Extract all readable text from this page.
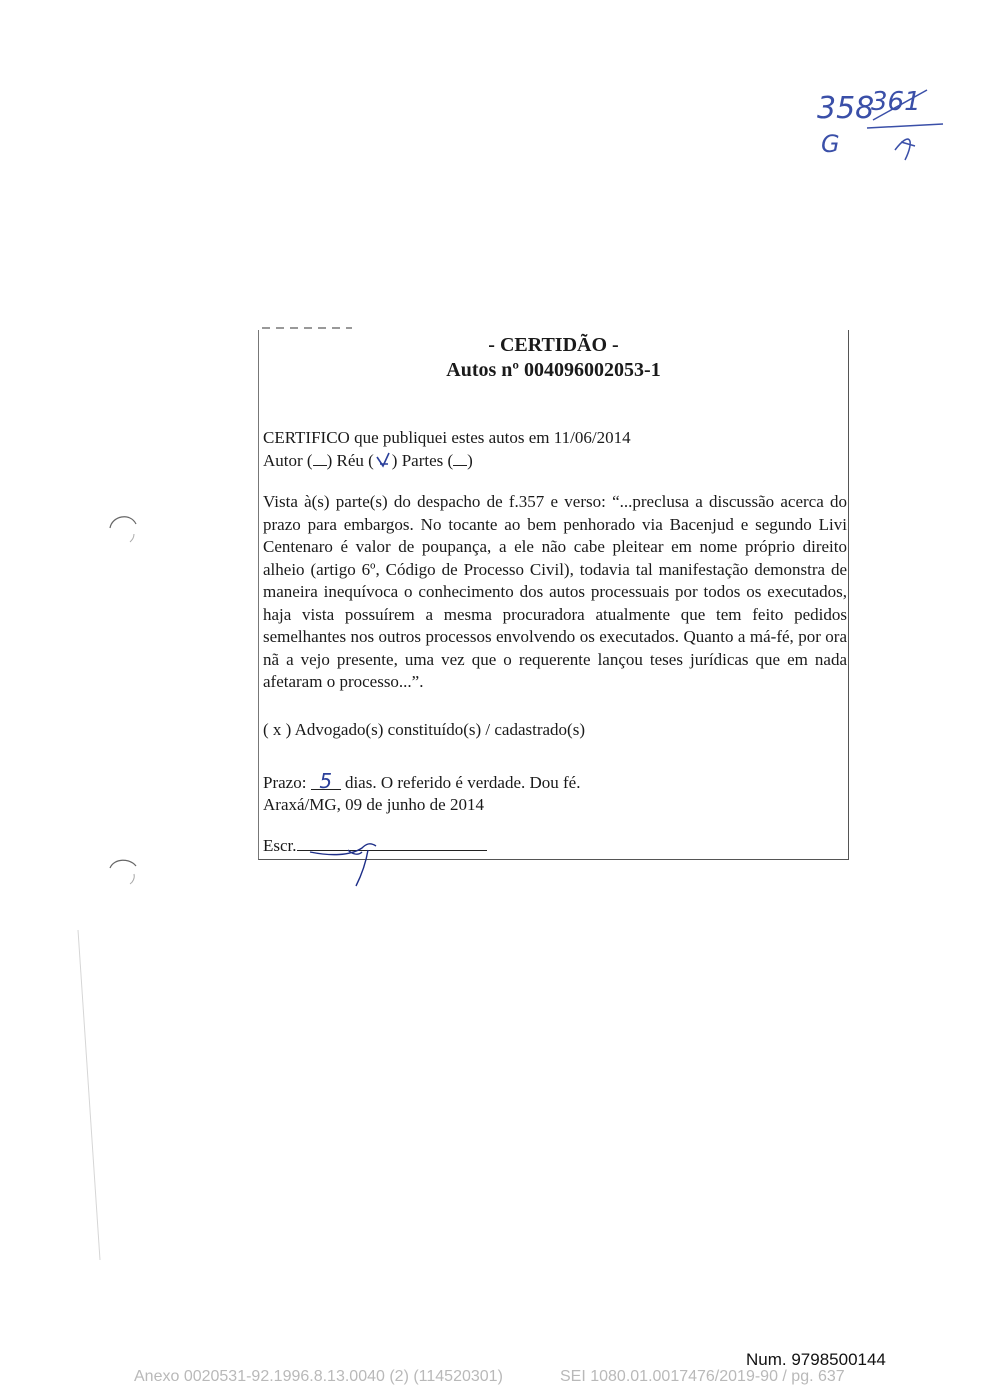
358
361
G
- CERTIDÃO -
Autos nº 004096002053-1
CERTIFICO que publiquei estes autos em 11/06/2014
Autor ( ) Réu ( ) Partes ( )
Vista à(s) parte(s) do despacho de f.357 e verso: “...preclusa a discussão acerca do prazo para embargos. No tocante ao bem penhorado via Bacenjud e segundo Livi Centenaro é valor de poupança, a ele não cabe pleitear em nome próprio direito alheio (artigo 6º, Código de Processo Civil), todavia tal manifestação demonstra de maneira inequívoca o conhecimento dos autos processuais por todos os executados, haja vista possuírem a mesma procuradora atualmente que tem feito pedidos semelhantes nos outros processos envolvendo os executados. Quanto a má-fé, por ora nã a vejo presente, uma vez que o requerente lançou teses jurídicas que em nada afetaram o processo...”.
( x ) Advogado(s) constituído(s) / cadastrado(s)
Prazo: 5 dias. O referido é verdade. Dou fé.
Araxá/MG, 09 de junho de 2014
Escr.
Num. 9798500144
Anexo 0020531-92.1996.8.13.0040 (2) (114520301)	SEI 1080.01.0017476/2019-90 / pg. 637
